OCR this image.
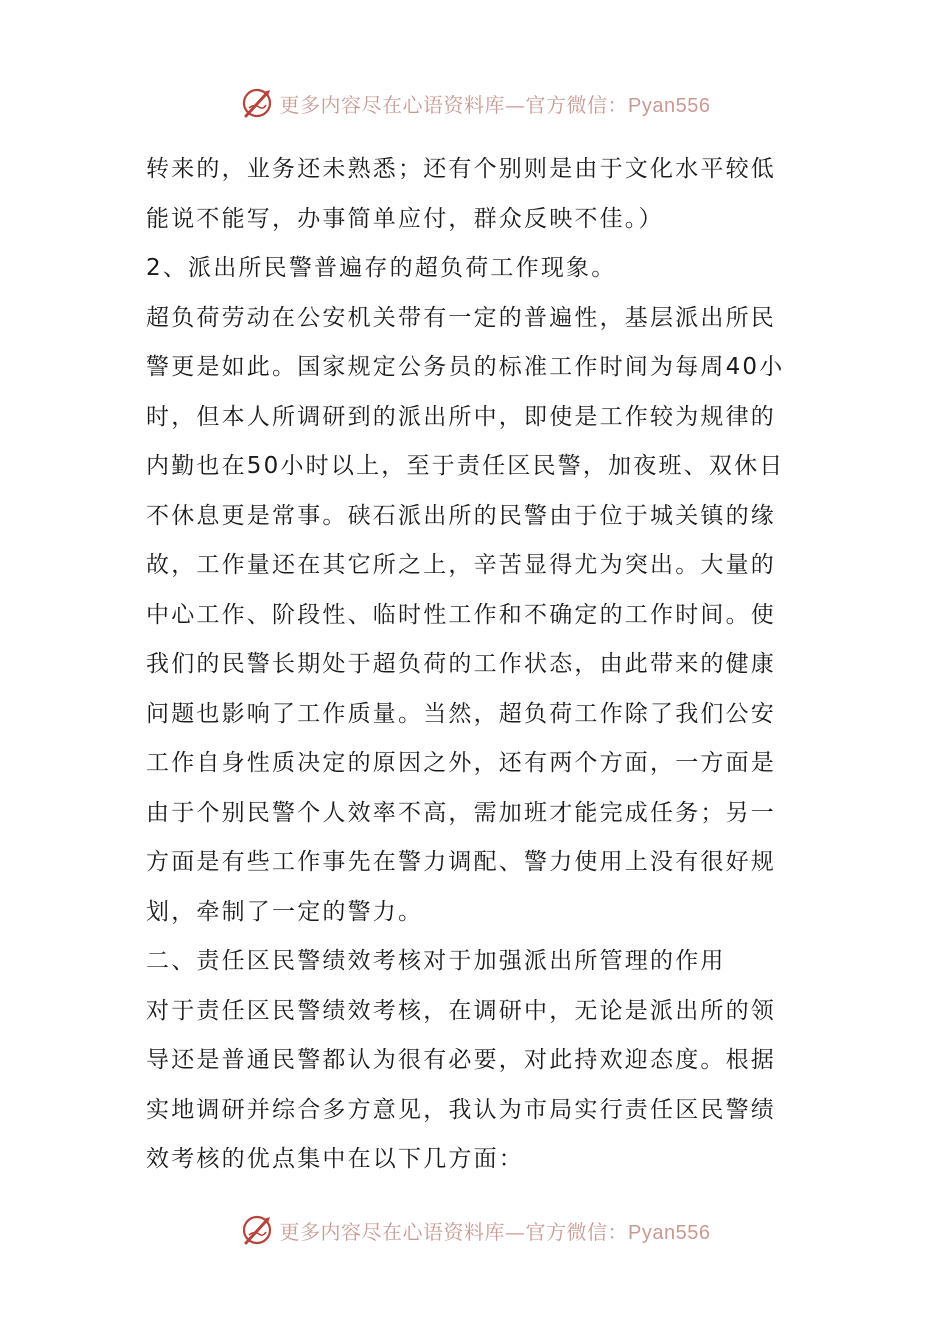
更多内容尽在心语资料库—官方微信：Pyan556
转来的，业务还未熟悉；还有个别则是由于文化水平较低
能说不能写，办事简单应付，群众反映不佳。）
2、派出所民警普遍存的超负荷工作现象。
超负荷劳动在公安机关带有一定的普遍性，基层派出所民
警更是如此。国家规定公务员的标准工作时间为每周40小
时，但本人所调研到的派出所中，即使是工作较为规律的
内勤也在50小时以上，至于责任区民警，加夜班、双休日
不休息更是常事。硖石派出所的民警由于位于城关镇的缘
故，工作量还在其它所之上，辛苦显得尤为突出。大量的
中心工作、阶段性、临时性工作和不确定的工作时间。使
我们的民警长期处于超负荷的工作状态，由此带来的健康
问题也影响了工作质量。当然，超负荷工作除了我们公安
工作自身性质决定的原因之外，还有两个方面，一方面是
由于个别民警个人效率不高，需加班才能完成任务；另一
方面是有些工作事先在警力调配、警力使用上没有很好规
划，牵制了一定的警力。
二、责任区民警绩效考核对于加强派出所管理的作用
对于责任区民警绩效考核，在调研中，无论是派出所的领
导还是普通民警都认为很有必要，对此持欢迎态度。根据
实地调研并综合多方意见，我认为市局实行责任区民警绩
效考核的优点集中在以下几方面：
更多内容尽在心语资料库—官方微信：Pyan556
